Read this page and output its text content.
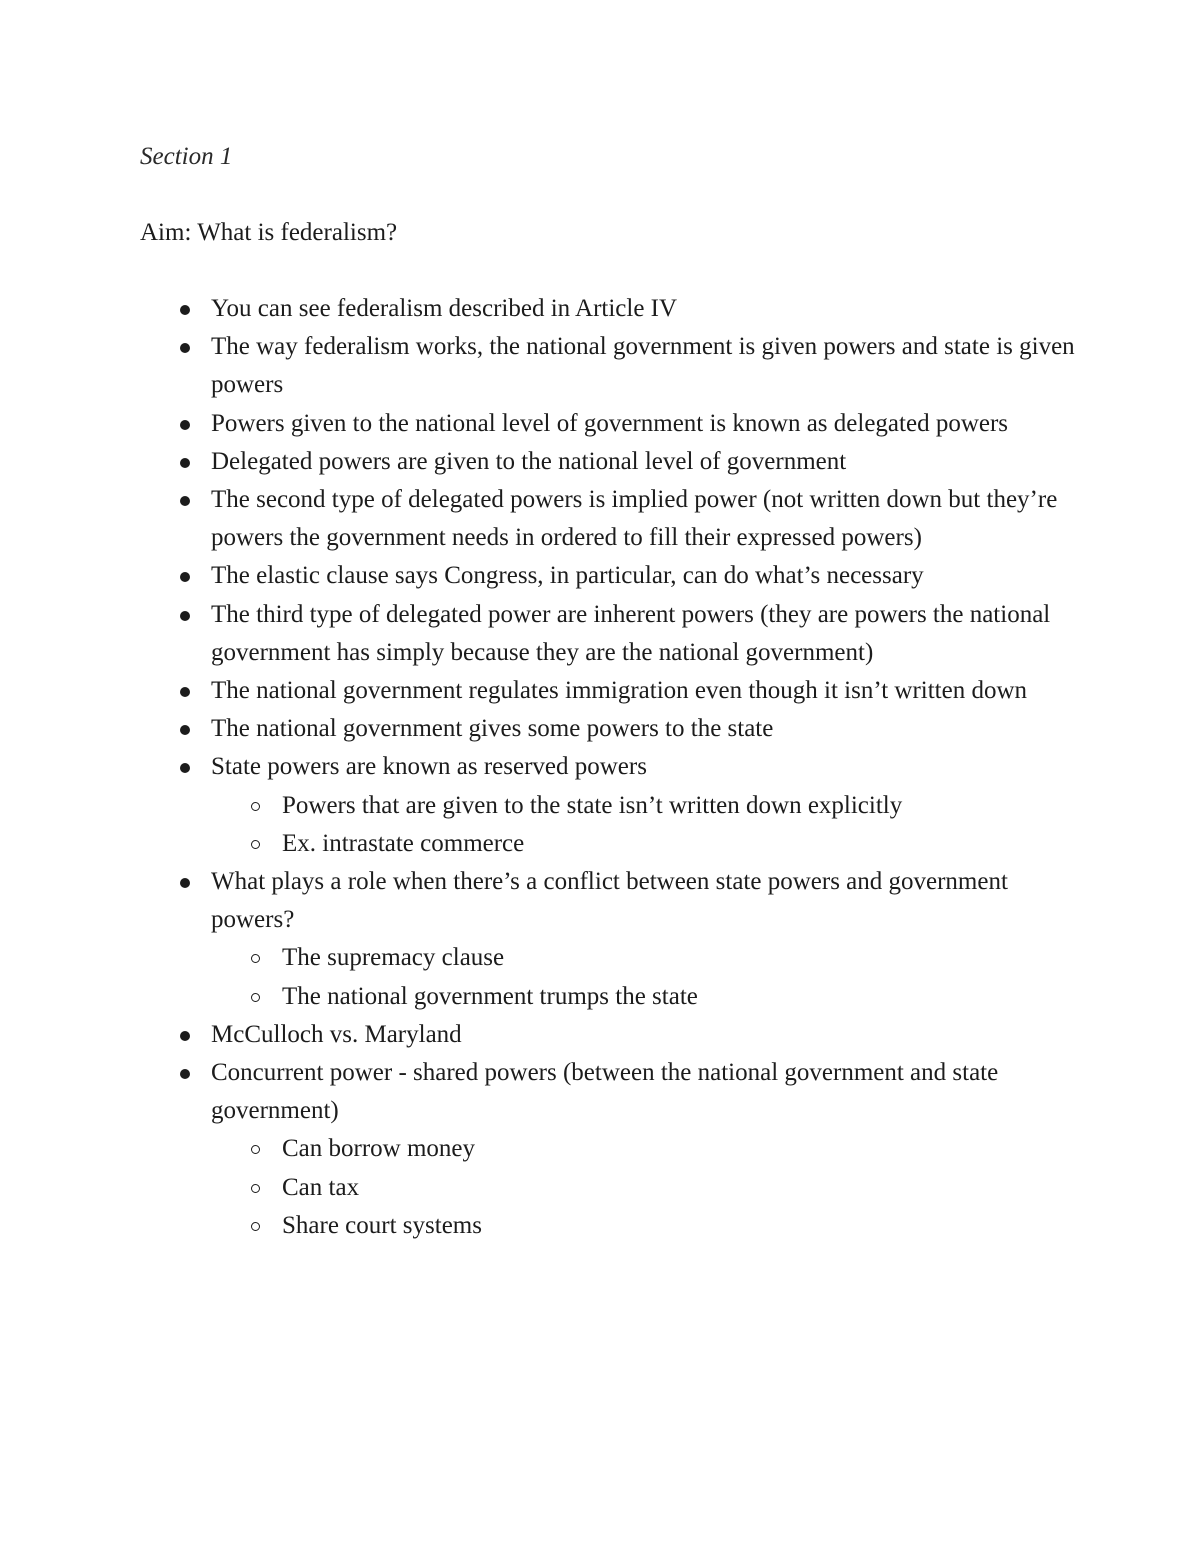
Section 1

Aim: What is federalism?

You can see federalism described in Article IV
The way federalism works, the national government is given powers and state is given powers
Powers given to the national level of government is known as delegated powers
Delegated powers are given to the national level of government
The second type of delegated powers is implied power (not written down but they’re powers the government needs in ordered to fill their expressed powers)
The elastic clause says Congress, in particular, can do what’s necessary
The third type of delegated power are inherent powers (they are powers the national government has simply because they are the national government)
The national government regulates immigration even though it isn’t written down
The national government gives some powers to the state
State powers are known as reserved powers
Powers that are given to the state isn’t written down explicitly
Ex. intrastate commerce
What plays a role when there’s a conflict between state powers and government powers?
The supremacy clause
The national government trumps the state
McCulloch vs. Maryland
Concurrent power - shared powers (between the national government and state government)
Can borrow money
Can tax
Share court systems
